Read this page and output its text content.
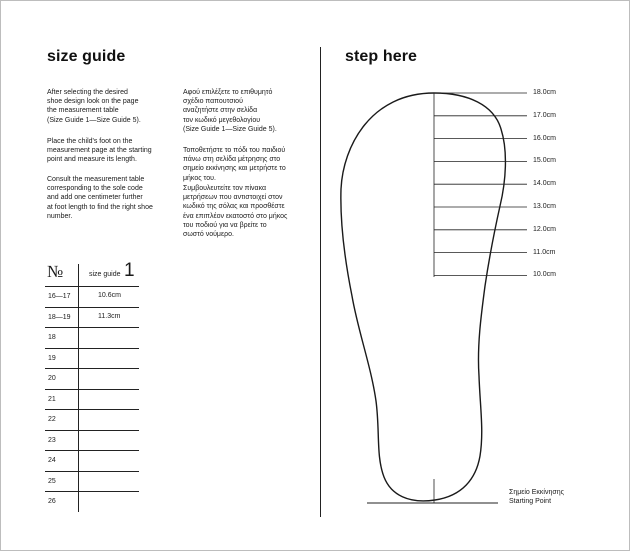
size guide	step here

After selecting the desired
shoe design look on the page
the measurement table
(Size Guide 1—Size Guide 5).

Place the child's foot on the
measurement page at the starting
point and measure its length.

Consult the measurement table
corresponding to the sole code
and add one centimeter further
at foot length to find the right shoe
number.

Αφού επιλέξετε το επιθυμητό
σχέδιο παπουτσιού
αναζητήστε στην σελίδα
τον κωδικό μεγεθολογίου
(Size Guide 1—Size Guide 5).

Τοποθετήστε το πόδι του παιδιού
πάνω στη σελίδα μέτρησης στο
σημείο εκκίνησης και μετρήστε το
μήκος του.

Συμβουλευτείτε τον πίνακα
μετρήσεων που αντιστοιχεί στον
κωδικό της σόλας και προσθέστε
ένα επιπλέον εκατοστό στο μήκος
του ποδιού για να βρείτε το
σωστό νούμερο.

№	size guide 1
16—17	10.6cm
18—19	11.3cm
18
19
20
21
22
23
24
25
26
18.0cm
17.0cm
16.0cm
15.0cm
14.0cm
13.0cm
12.0cm
11.0cm
10.0cm
Σημείο Εκκίνησης
Starting Point
